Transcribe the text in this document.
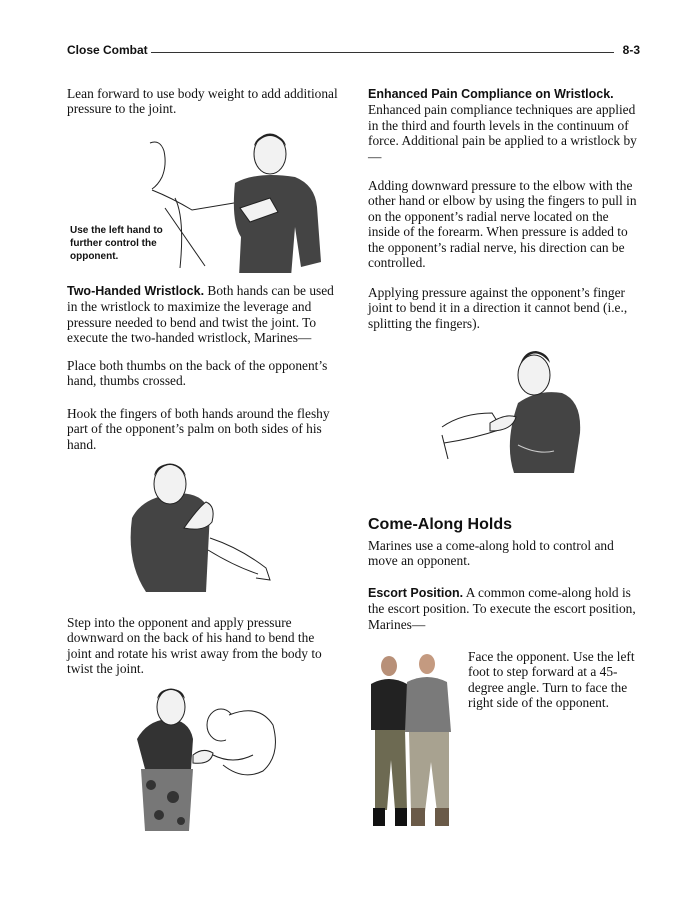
Close Combat	8-3

Lean forward to use body weight to add additional pressure to the joint.

Use the left hand to further control the opponent.

Two-Handed Wristlock. Both hands can be used in the wristlock to maximize the leverage and pressure needed to bend and twist the joint. To execute the two-handed wristlock, Marines—

Place both thumbs on the back of the opponent’s hand, thumbs crossed.

Hook the fingers of both hands around the fleshy part of the opponent’s palm on both sides of his hand.

Step into the opponent and apply pressure downward on the back of his hand to bend the joint and rotate his wrist away from the body to twist the joint.

Enhanced Pain Compliance on Wristlock. Enhanced pain compliance techniques are applied in the third and fourth levels in the continuum of force. Additional pain be applied to a wristlock by—

Adding downward pressure to the elbow with the other hand or elbow by using the fingers to pull in on the opponent’s radial nerve located on the inside of the forearm. When pressure is added to the opponent’s radial nerve, his direction can be controlled.

Applying pressure against the opponent’s finger joint to bend it in a direction it cannot bend (i.e., splitting the fingers).

Come-Along Holds

Marines use a come-along hold to control and move an opponent.

Escort Position. A common come-along hold is the escort position. To execute the escort position, Marines—

Face the opponent. Use the left foot to step forward at a 45-degree angle. Turn to face the right side of the opponent.
